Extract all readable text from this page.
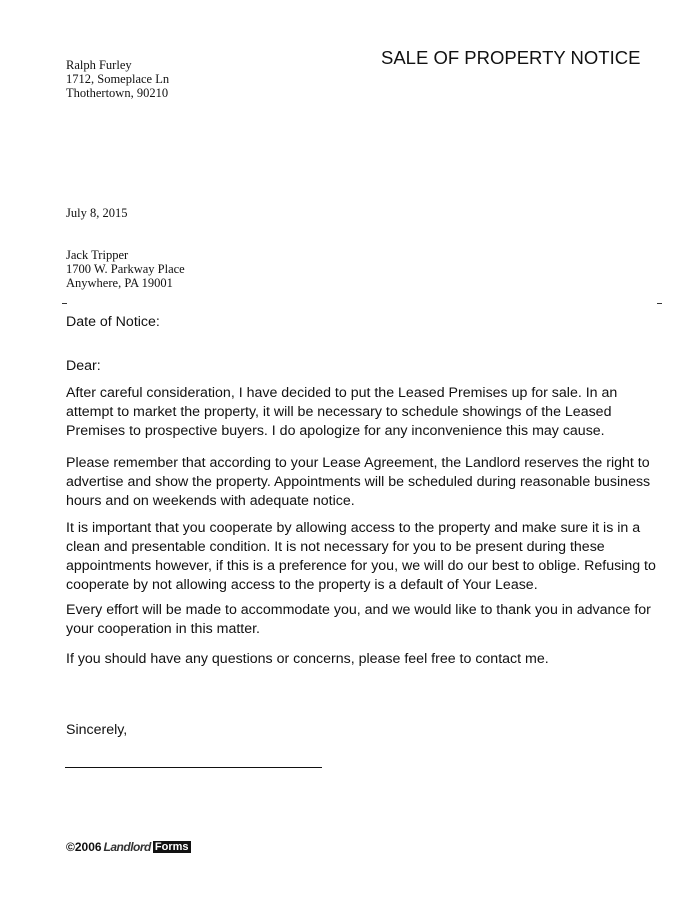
SALE OF PROPERTY NOTICE
Ralph Furley
1712, Someplace Ln
Thothertown, 90210
July 8, 2015
Jack Tripper
1700 W. Parkway Place
Anywhere, PA 19001
Date of Notice:
Dear:
After careful consideration, I have decided to put the Leased Premises up for sale. In an
attempt to market the property, it will be necessary to schedule showings of the Leased
Premises to prospective buyers. I do apologize for any inconvenience this may cause.
Please remember that according to your Lease Agreement, the Landlord reserves the right to
advertise and show the property. Appointments will be scheduled during reasonable business
hours and on weekends with adequate notice.
It is important that you cooperate by allowing access to the property and make sure it is in a
clean and presentable condition. It is not necessary for you to be present during these
appointments however, if this is a preference for you, we will do our best to oblige. Refusing to
cooperate by not allowing access to the property is a default of Your Lease.
Every effort will be made to accommodate you, and we would like to thank you in advance for
your cooperation in this matter.
If you should have any questions or concerns, please feel free to contact me.
Sincerely,
©2006 Landlord Forms
